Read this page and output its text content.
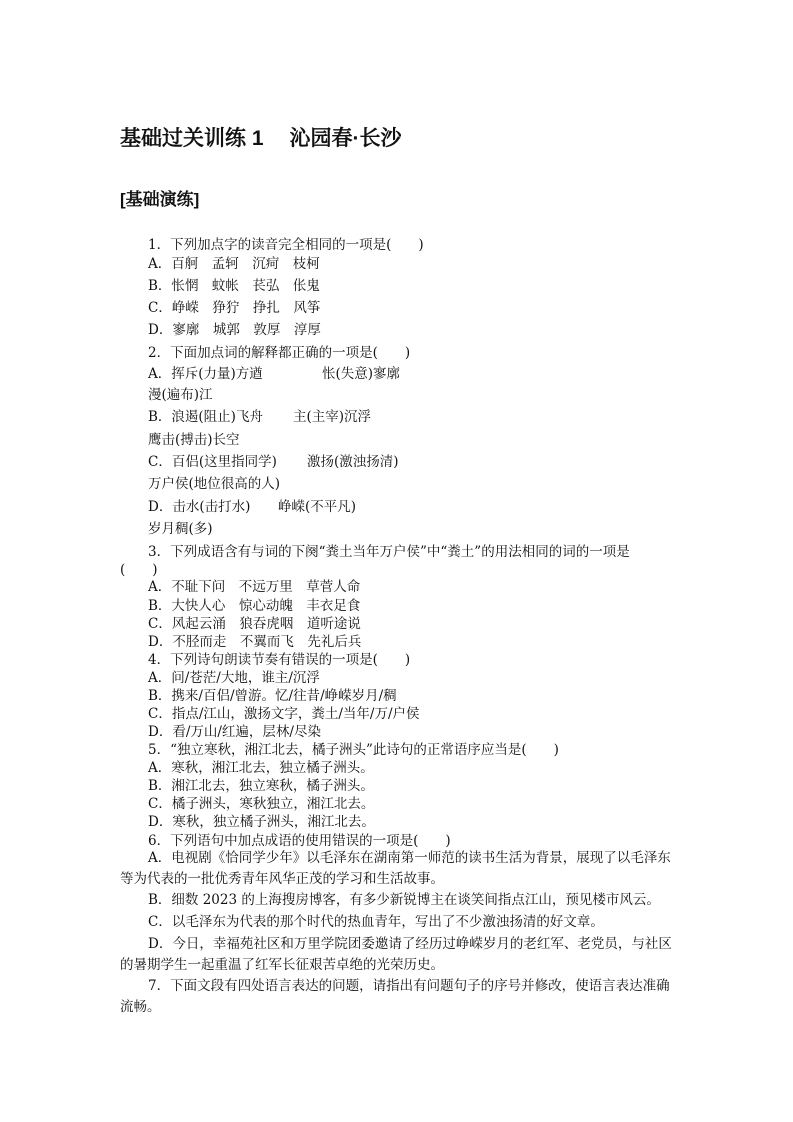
基础过关训练 1 沁园春·长沙
[基础演练]
1．下列加点字的读音完全相同的一项是(　　)
A．百舸　孟轲　沉疴　枝柯
B．怅惘　蚊帐　苌弘　伥鬼
C．峥嵘　狰狞　挣扎　风筝
D．寥廓　城郭　敦厚　淳厚
2．下面加点词的解释都正确的一项是(　　)
A．挥斥(力量)方遒	怅(失意)寥廓
漫(遍布)江
B．浪遏(阻止)飞舟 主(主宰)沉浮
鹰击(搏击)长空
C．百侣(这里指同学) 激扬(激浊扬清)
万户侯(地位很高的人)
D．击水(击打水) 峥嵘(不平凡)
岁月稠(多)
3．下列成语含有与词的下阕“粪土当年万户侯”中“粪土”的用法相同的词的一项是
(　　)
A．不耻下问　不远万里　草菅人命
B．大快人心　惊心动魄　丰衣足食
C．风起云涌　狼吞虎咽　道听途说
D．不胫而走　不翼而飞　先礼后兵
4．下列诗句朗读节奏有错误的一项是(　　)
A．问/苍茫/大地，谁主/沉浮
B．携来/百侣/曾游。忆/往昔/峥嵘岁月/稠
C．指点/江山，激扬文字，粪土/当年/万/户侯
D．看/万山/红遍，层林/尽染
5．“独立寒秋，湘江北去，橘子洲头”此诗句的正常语序应当是(　　)
A．寒秋，湘江北去，独立橘子洲头。
B．湘江北去，独立寒秋，橘子洲头。
C．橘子洲头，寒秋独立，湘江北去。
D．寒秋，独立橘子洲头，湘江北去。
6．下列语句中加点成语的使用错误的一项是(　　)
A．电视剧《恰同学少年》以毛泽东在湖南第一师范的读书生活为背景，展现了以毛泽东等为代表的一批优秀青年风华正茂的学习和生活故事。
B．细数 2023 的上海搜房博客，有多少新锐博主在谈笑间指点江山，预见楼市风云。
C．以毛泽东为代表的那个时代的热血青年，写出了不少激浊扬清的好文章。
D．今日，幸福苑社区和万里学院团委邀请了经历过峥嵘岁月的老红军、老党员，与社区的暑期学生一起重温了红军长征艰苦卓绝的光荣历史。
7．下面文段有四处语言表达的问题，请指出有问题句子的序号并修改，使语言表达准确流畅。
